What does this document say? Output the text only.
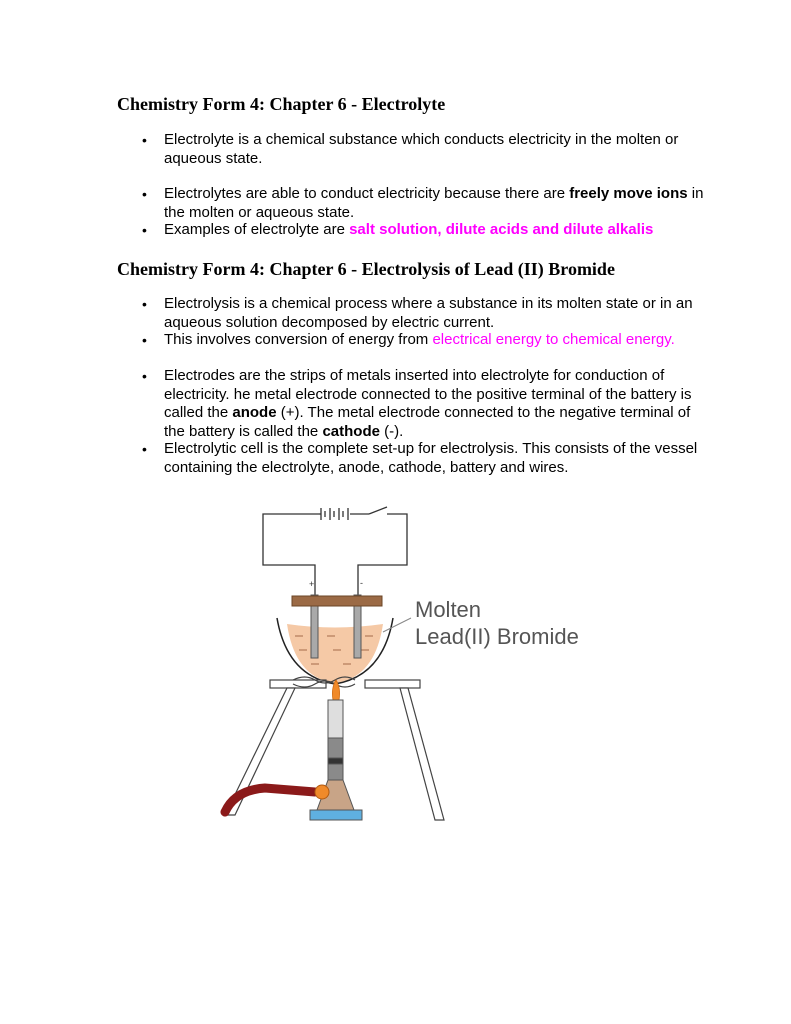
Chemistry Form 4: Chapter 6 - Electrolyte

• Electrolyte is a chemical substance which conducts electricity in the molten or aqueous state.

• Electrolytes are able to conduct electricity because there are freely move ions in the molten or aqueous state.

• Examples of electrolyte are salt solution, dilute acids and dilute alkalis

Chemistry Form 4: Chapter 6 - Electrolysis of Lead (II) Bromide

• Electrolysis is a chemical process where a substance in its molten state or in an aqueous solution decomposed by electric current.

• This involves conversion of energy from electrical energy to chemical energy.

• Electrodes are the strips of metals inserted into electrolyte for conduction of electricity. he metal electrode connected to the positive terminal of the battery is called the anode (+). The metal electrode connected to the negative terminal of the battery is called the cathode (-).

• Electrolytic cell is the complete set-up for electrolysis. This consists of the vessel containing the electrolyte, anode, cathode, battery and wires.

+	-
Molten
Lead(II) Bromide
